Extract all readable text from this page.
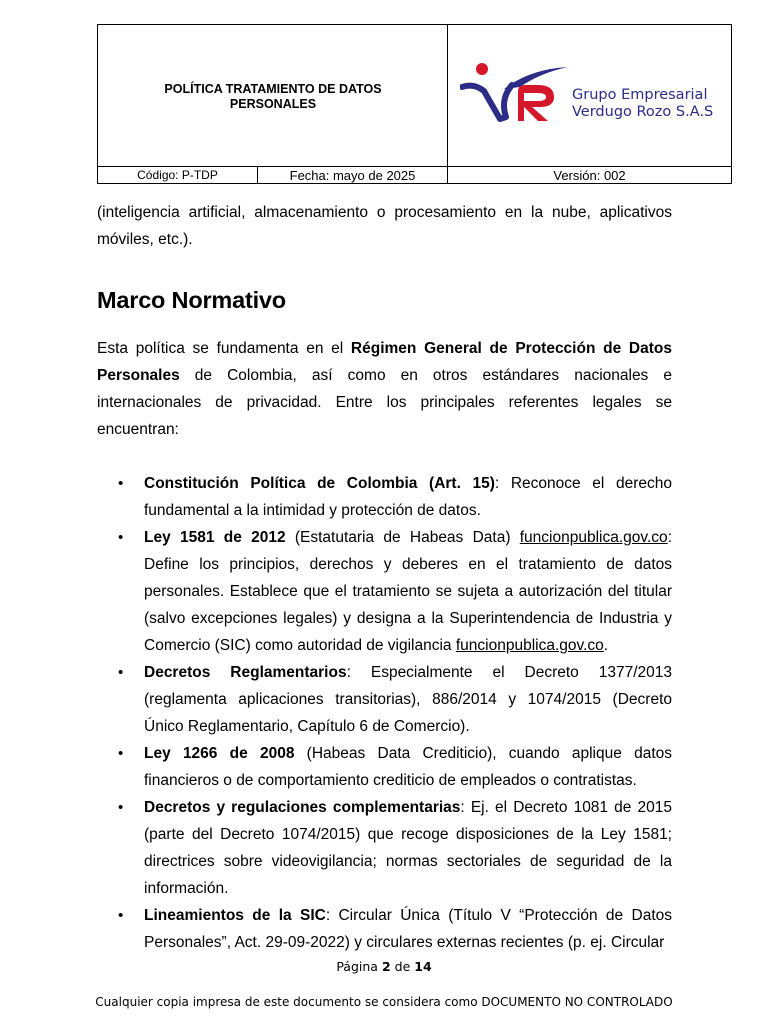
POLÍTICA TRATAMIENTO DE DATOS
PERSONALES
Grupo Empresarial
Verdugo Rozo S.A.S
Código: P-TDP	Fecha: mayo de 2025	Versión: 002

(inteligencia artificial, almacenamiento o procesamiento en la nube, aplicativos móviles, etc.).

Marco Normativo

Esta política se fundamenta en el Régimen General de Protección de Datos Personales de Colombia, así como en otros estándares nacionales e internacionales de privacidad. Entre los principales referentes legales se encuentran:

• Constitución Política de Colombia (Art. 15): Reconoce el derecho fundamental a la intimidad y protección de datos.
• Ley 1581 de 2012 (Estatutaria de Habeas Data) funcionpublica.gov.co: Define los principios, derechos y deberes en el tratamiento de datos personales. Establece que el tratamiento se sujeta a autorización del titular (salvo excepciones legales) y designa a la Superintendencia de Industria y Comercio (SIC) como autoridad de vigilancia funcionpublica.gov.co.
• Decretos Reglamentarios: Especialmente el Decreto 1377/2013 (reglamenta aplicaciones transitorias), 886/2014 y 1074/2015 (Decreto Único Reglamentario, Capítulo 6 de Comercio).
• Ley 1266 de 2008 (Habeas Data Crediticio), cuando aplique datos financieros o de comportamiento crediticio de empleados o contratistas.
• Decretos y regulaciones complementarias: Ej. el Decreto 1081 de 2015 (parte del Decreto 1074/2015) que recoge disposiciones de la Ley 1581; directrices sobre videovigilancia; normas sectoriales de seguridad de la información.
• Lineamientos de la SIC: Circular Única (Título V “Protección de Datos Personales”, Act. 29-09-2022) y circulares externas recientes (p. ej. Circular
Página 2 de 14
Cualquier copia impresa de este documento se considera como DOCUMENTO NO CONTROLADO
